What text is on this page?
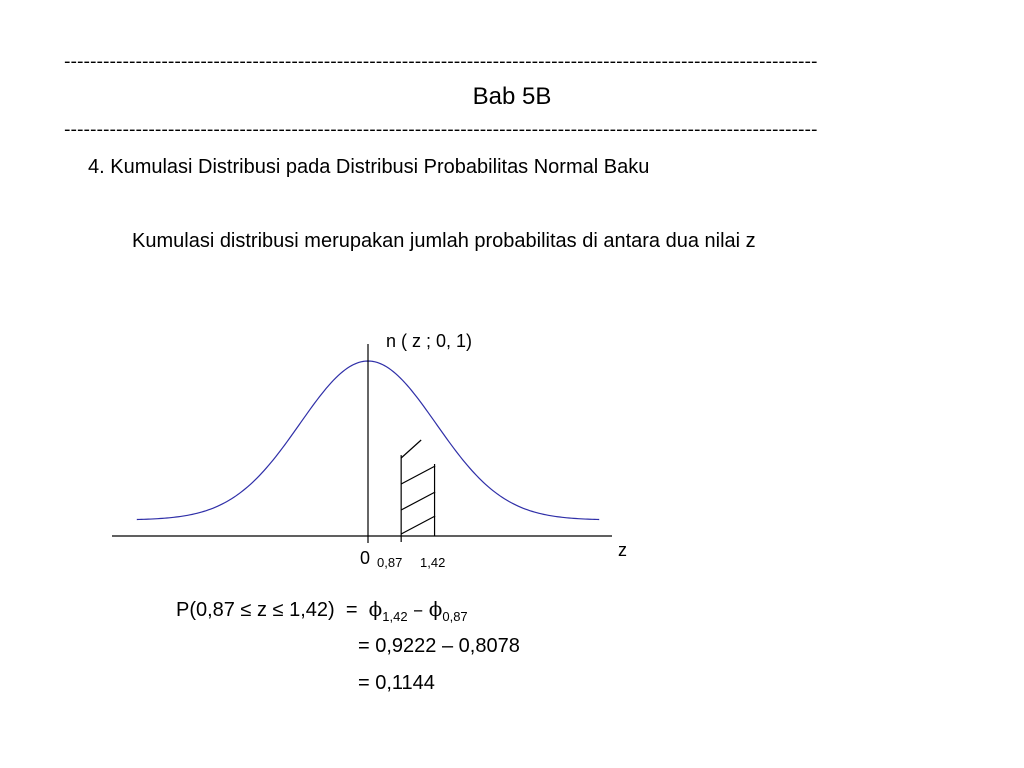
--------------------------------------------------------------------------------------------------------------------
Bab 5B
--------------------------------------------------------------------------------------------------------------------
4. Kumulasi Distribusi pada Distribusi Probabilitas Normal Baku
Kumulasi distribusi merupakan jumlah probabilitas di antara dua nilai z
n ( z ; 0, 1)
z
0 0,87 1,42
$P(0,87 \le z \le 1,42) = \phi_{1,42} - \phi_{0,87}$
= 0,9222 – 0,8078
= 0,1144
